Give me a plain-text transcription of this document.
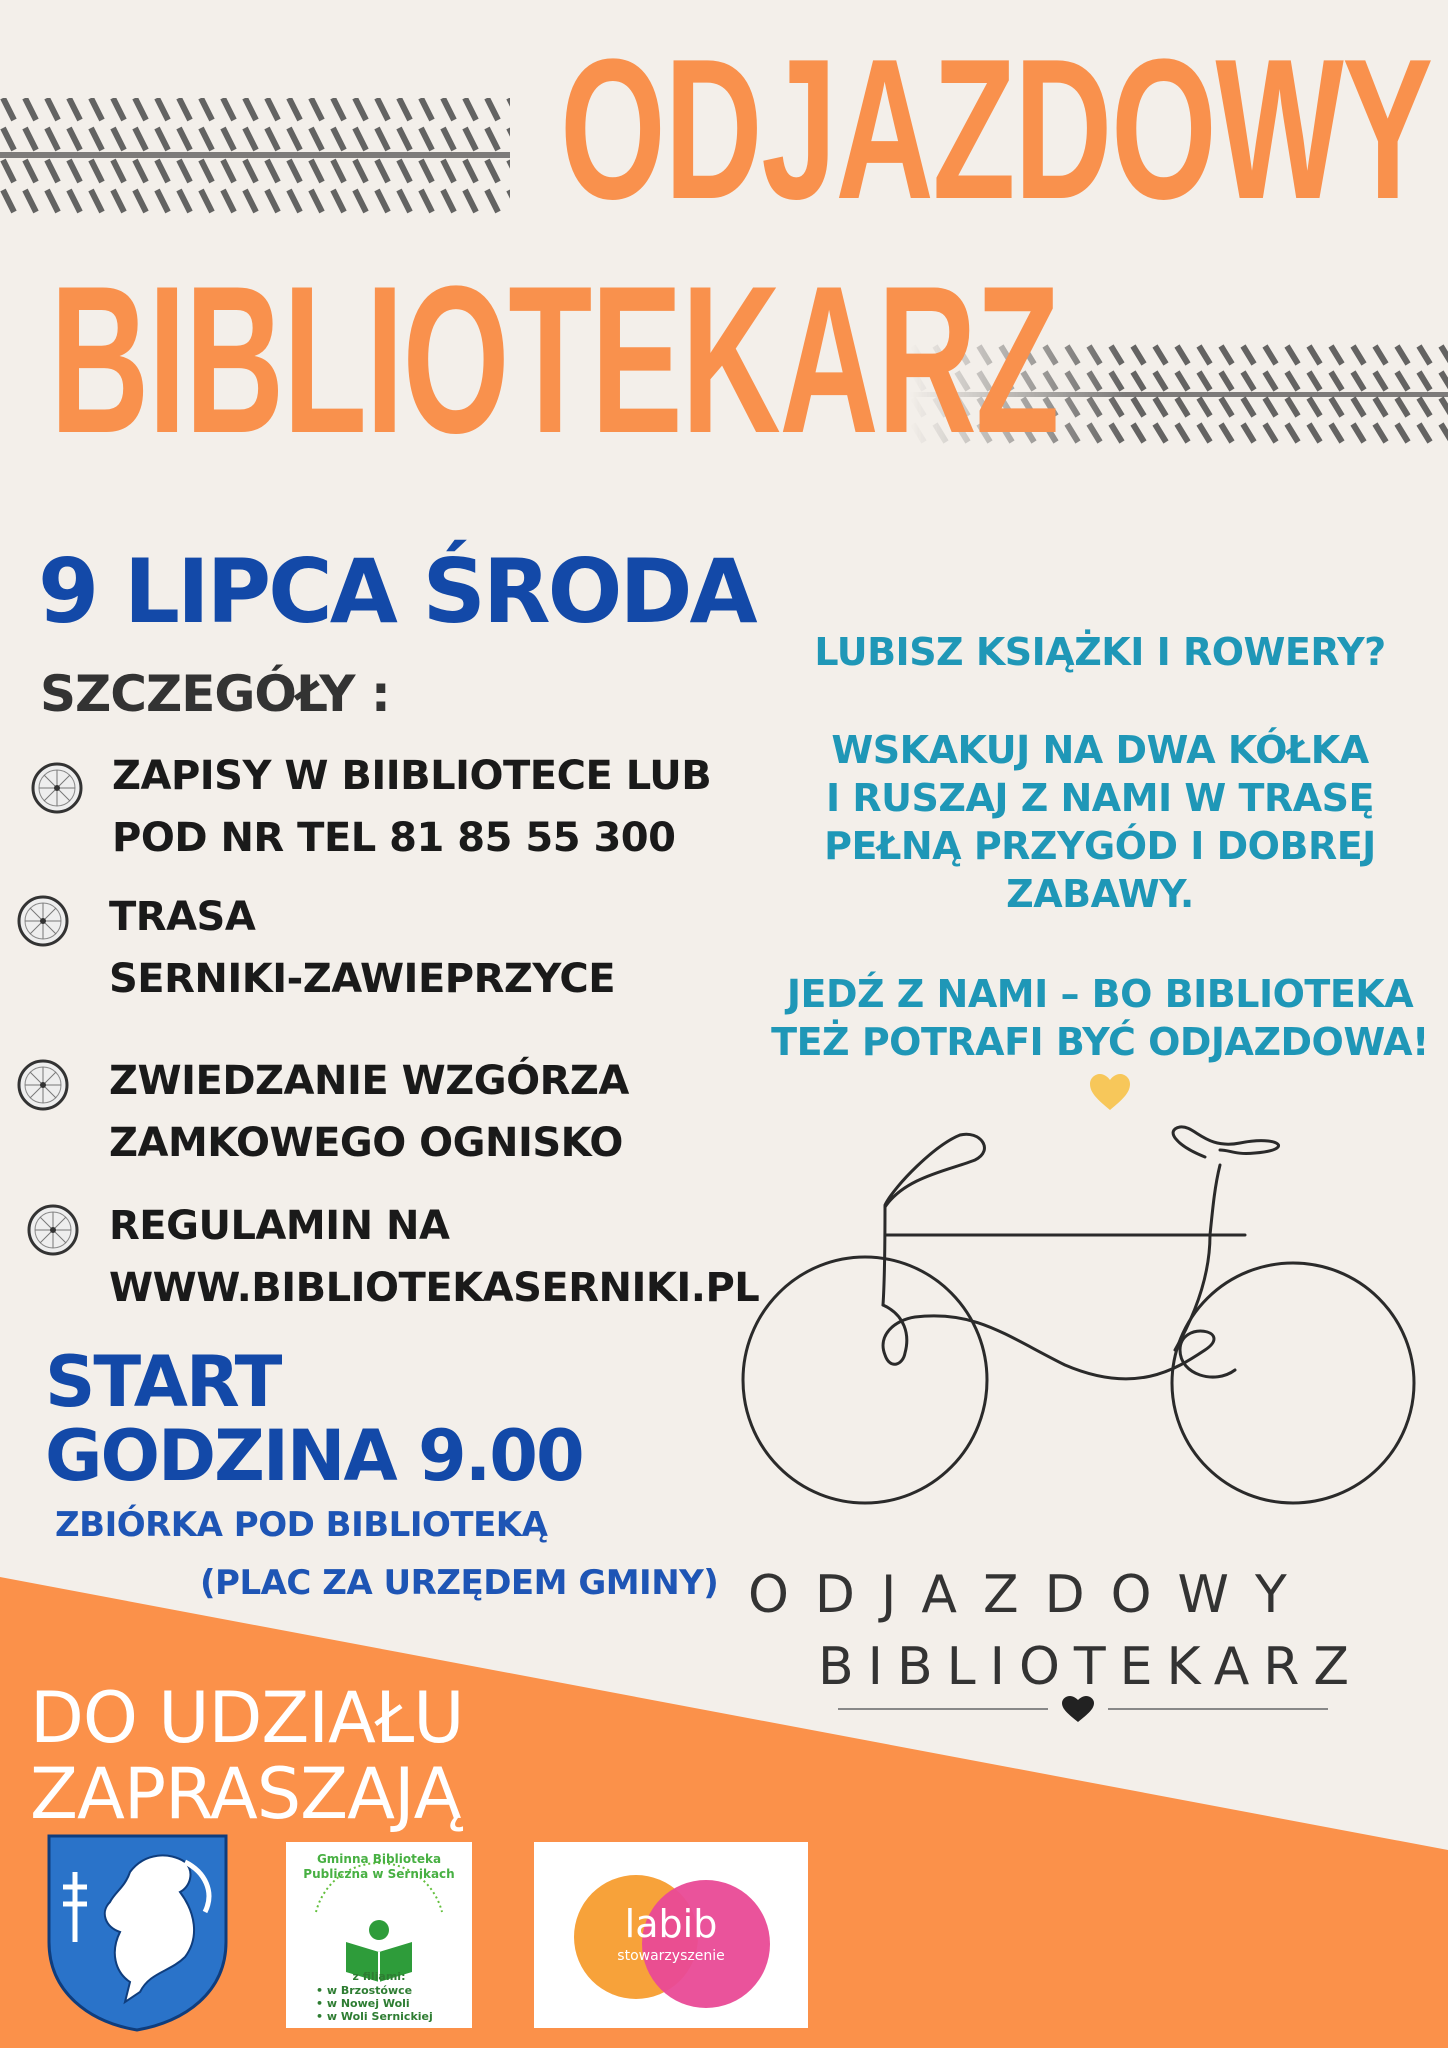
ODJAZDOWY
BIBLIOTEKARZ
9 LIPCA ŚRODA
SZCZEGÓŁY :
ZAPISY W BIIBLIOTECE LUB
POD NR TEL 81 85 55 300
TRASA
SERNIKI-ZAWIEPRZYCE
ZWIEDZANIE WZGÓRZA
ZAMKOWEGO OGNISKO
REGULAMIN NA
WWW.BIBLIOTEKASERNIKI.PL
START
GODZINA 9.00
ZBIÓRKA POD BIBLIOTEKĄ
(PLAC ZA URZĘDEM GMINY)
LUBISZ KSIĄŻKI I ROWERY?
WSKAKUJ NA DWA KÓŁKA
I RUSZAJ Z NAMI W TRASĘ
PEŁNĄ PRZYGÓD I DOBREJ
ZABAWY.
JEDŹ Z NAMI – BO BIBLIOTEKA
TEŻ POTRAFI BYĆ ODJAZDOWA!
ODJAZDOWY
BIBLIOTEKARZ
DO UDZIAŁU
ZAPRASZAJĄ
Gminna Biblioteka Publiczna w Sernikach
z filiami:
• w Brzostówce
• w Nowej Woli
• w Woli Sernickiej
labib
stowarzyszenie
